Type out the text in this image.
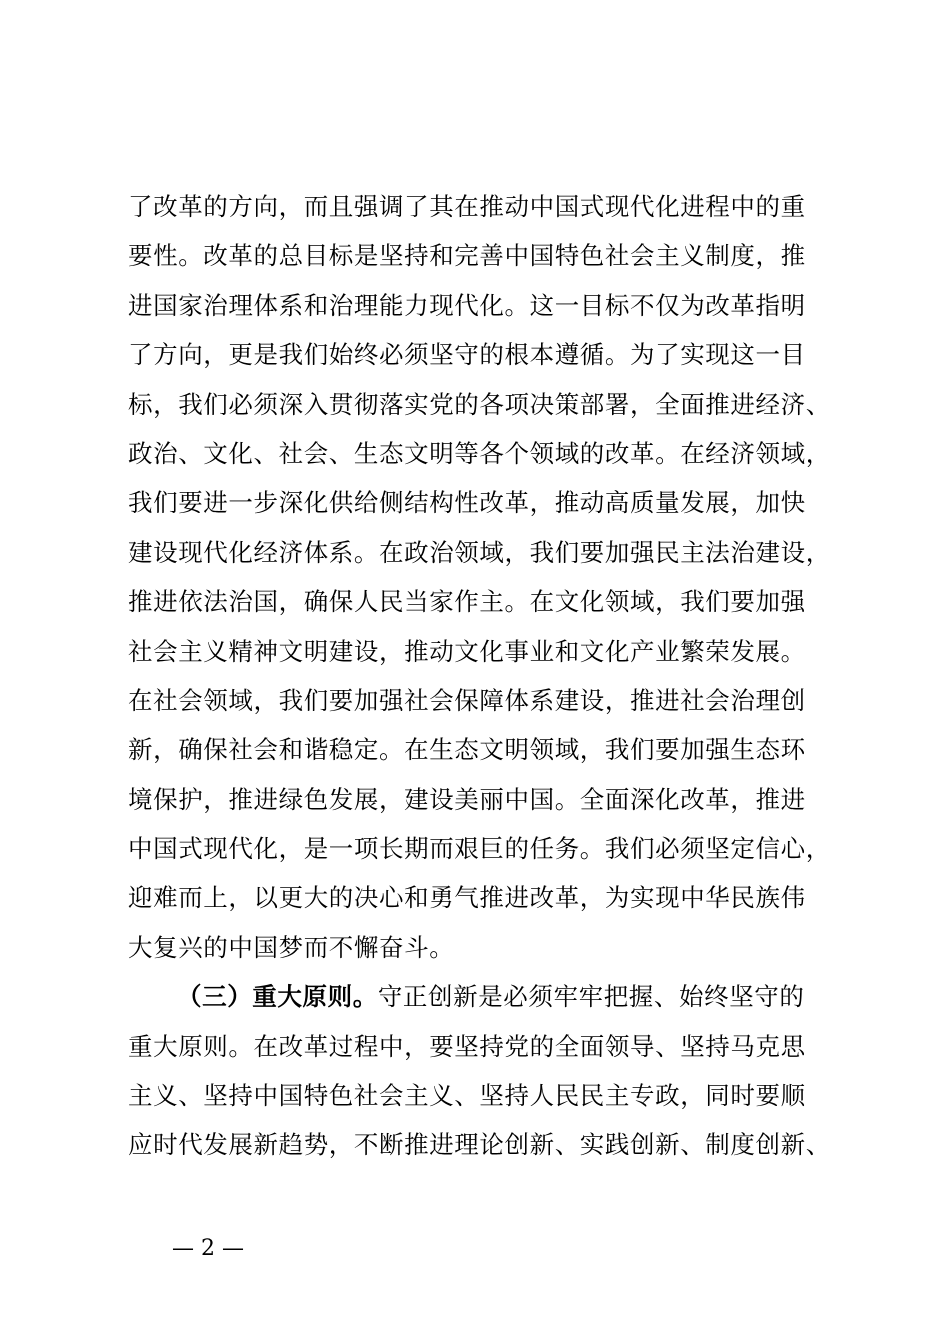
了改革的方向，而且强调了其在推动中国式现代化进程中的重
要性。改革的总目标是坚持和完善中国特色社会主义制度，推
进国家治理体系和治理能力现代化。这一目标不仅为改革指明
了方向，更是我们始终必须坚守的根本遵循。为了实现这一目
标，我们必须深入贯彻落实党的各项决策部署，全面推进经济、
政治、文化、社会、生态文明等各个领域的改革。在经济领域，
我们要进一步深化供给侧结构性改革，推动高质量发展，加快
建设现代化经济体系。在政治领域，我们要加强民主法治建设，
推进依法治国，确保人民当家作主。在文化领域，我们要加强
社会主义精神文明建设，推动文化事业和文化产业繁荣发展。
在社会领域，我们要加强社会保障体系建设，推进社会治理创
新，确保社会和谐稳定。在生态文明领域，我们要加强生态环
境保护，推进绿色发展，建设美丽中国。全面深化改革，推进
中国式现代化，是一项长期而艰巨的任务。我们必须坚定信心，
迎难而上，以更大的决心和勇气推进改革，为实现中华民族伟
大复兴的中国梦而不懈奋斗。
（三）重大原则。守正创新是必须牢牢把握、始终坚守的
重大原则。在改革过程中，要坚持党的全面领导、坚持马克思
主义、坚持中国特色社会主义、坚持人民民主专政，同时要顺
应时代发展新趋势，不断推进理论创新、实践创新、制度创新、
— 2 —
